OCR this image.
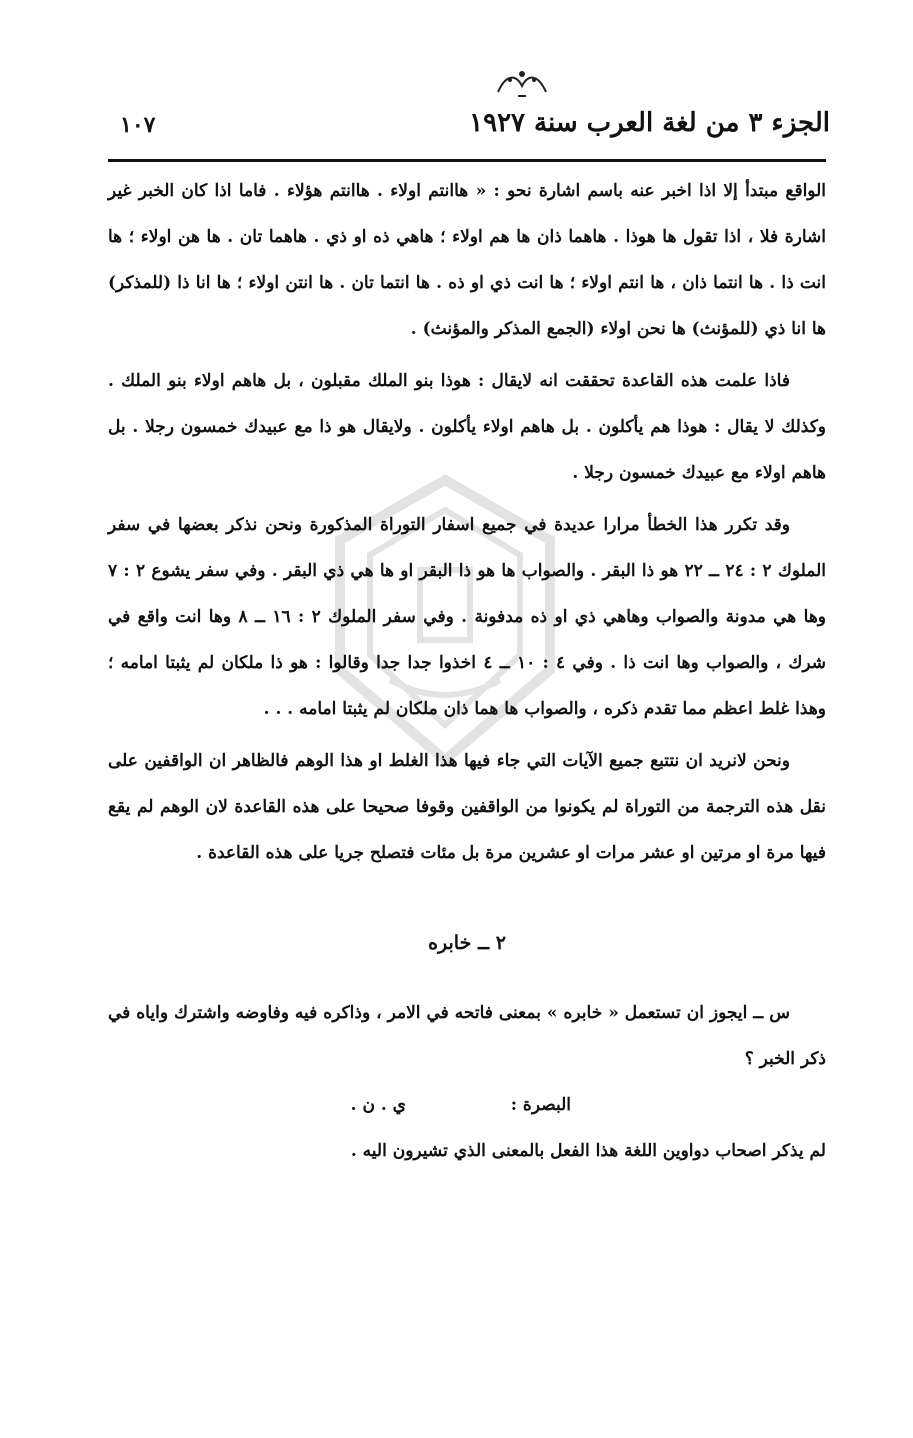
الجزء ٣ من لغة العرب سنة ١٩٢٧
١٠٧

الواقع مبتدأ إلا اذا اخبر عنه باسم اشارة نحو : « هاانتم اولاء . هاانتم هؤلاء . فاما اذا كان الخبر غير اشارة فلا ، اذا تقول ها هوذا . هاهما ذان ها هم اولاء ؛ هاهي ذه او ذي . هاهما تان . ها هن اولاء ؛ ها انت ذا . ها انتما ذان ، ها انتم اولاء ؛ ها انت ذي او ذه . ها انتما تان . ها انتن اولاء ؛ ها انا ذا (للمذكر) ها انا ذي (للمؤنث) ها نحن اولاء (الجمع المذكر والمؤنث) .

فاذا علمت هذه القاعدة تحققت انه لايقال : هوذا بنو الملك مقبلون ، بل هاهم اولاء بنو الملك . وكذلك لا يقال : هوذا هم يأكلون . بل هاهم اولاء يأكلون . ولايقال هو ذا مع عبيدك خمسون رجلا . بل هاهم اولاء مع عبيدك خمسون رجلا .

وقد تكرر هذا الخطأ مرارا عديدة في جميع اسفار التوراة المذكورة ونحن نذكر بعضها في سفر الملوك ٢ : ٢٤ ــ ٢٢ هو ذا البقر . والصواب ها هو ذا البقر او ها هي ذي البقر . وفي سفر يشوع ٢ : ٧ وها هي مدونة والصواب وهاهي ذي او ذه مدفونة . وفي سفر الملوك ٢ : ١٦ ــ ٨ وها انت واقع في شرك ، والصواب وها انت ذا . وفي ٤ : ١٠ ــ ٤ اخذوا جدا جدا وقالوا : هو ذا ملكان لم يثبتا امامه ؛ وهذا غلط اعظم مما تقدم ذكره ، والصواب ها هما ذان ملكان لم يثبتا امامه . . .

ونحن لانريد ان نتتبع جميع الآيات التي جاء فيها هذا الغلط او هذا الوهم فالظاهر ان الواقفين على نقل هذه الترجمة من التوراة لم يكونوا من الواقفين وقوفا صحيحا على هذه القاعدة لان الوهم لم يقع فيها مرة او مرتين او عشر مرات او عشرين مرة بل مئات فتصلح جريا على هذه القاعدة .

٢ ــ خابره

س ــ ايجوز ان تستعمل « خابره » بمعنى فاتحه في الامر ، وذاكره فيه وفاوضه واشترك واياه في ذكر الخبر ؟

البصرة :
ي . ن .

لم يذكر اصحاب دواوين اللغة هذا الفعل بالمعنى الذي تشيرون اليه .
